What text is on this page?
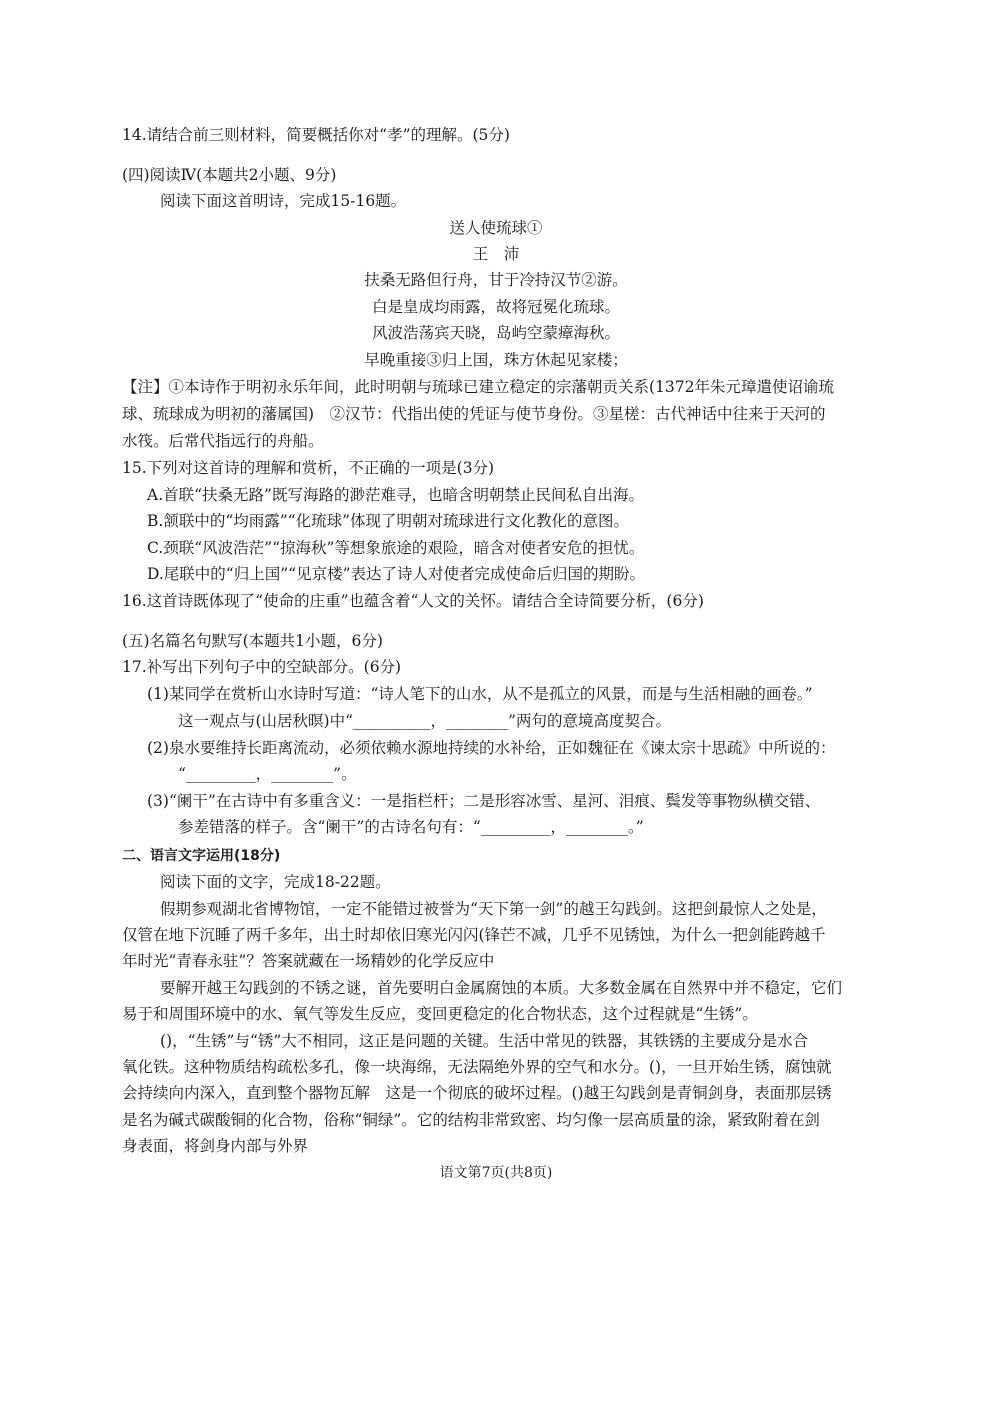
14.请结合前三则材料，简要概括你对“孝”的理解。(5分)
(四)阅读Ⅳ(本题共2小题、9分)
阅读下面这首明诗，完成15-16题。
送人使琉球①
王　沛
扶桑无路但行舟，甘于冷持汉节②游。
白是皇成均雨露，故将冠冕化琉球。
风波浩荡宾天晓，岛屿空蒙瘴海秋。
早晚重接③归上国，珠方休起见家楼；
【注】①本诗作于明初永乐年间，此时明朝与琉球已建立稳定的宗藩朝贡关系(1372年朱元璋遣使诏谕琉
球、琉球成为明初的藩属国)　②汉节：代指出使的凭证与使节身份。③星槎：古代神话中往来于天河的
水筏。后常代指远行的舟船。
15.下列对这首诗的理解和赏析，不正确的一项是(3分)
A.首联“扶桑无路”既写海路的渺茫难寻，也暗含明朝禁止民间私自出海。
B.颔联中的“均雨露”“化琉球”体现了明朝对琉球进行文化教化的意图。
C.颈联“风波浩茫”“掠海秋”等想象旅途的艰险，暗含对使者安危的担忧。
D.尾联中的“归上国”“见京楼”表达了诗人对使者完成使命后归国的期盼。
16.这首诗既体现了“使命的庄重”也蕴含着“人文的关怀。请结合全诗简要分析，(6分)
(五)名篇名句默写(本题共1小题，6分)
17.补写出下列句子中的空缺部分。(6分)
(1)某同学在赏析山水诗时写道：“诗人笔下的山水，从不是孤立的风景，而是与生活相融的画卷。”
这一观点与(山居秋暝)中“__________，________”两句的意境高度契合。
(2)泉水要维持长距离流动，必须依赖水源地持续的水补给，正如魏征在《谏太宗十思疏》中所说的：
“_________，________”。
(3)“阑干”在古诗中有多重含义：一是指栏杆；二是形容冰雪、星河、泪痕、鬓发等事物纵横交错、
参差错落的样子。含“阑干”的古诗名句有：“_________，________。”
二、语言文字运用(18分)
阅读下面的文字，完成18-22题。
假期参观湖北省博物馆，一定不能错过被誉为“天下第一剑”的越王勾践剑。这把剑最惊人之处是，
仅管在地下沉睡了两千多年，出土时却依旧寒光闪闪(锋芒不减，几乎不见锈蚀，为什么一把剑能跨越千
年时光“青春永驻”？答案就藏在一场精妙的化学反应中
要解开越王勾践剑的不锈之谜，首先要明白金属腐蚀的本质。大多数金属在自然界中并不稳定，它们
易于和周围环境中的水、氧气等发生反应，变回更稳定的化合物状态，这个过程就是“生锈”。
()，“生锈”与“锈”大不相同，这正是问题的关键。生活中常见的铁器，其铁锈的主要成分是水合
氧化铁。这种物质结构疏松多孔，像一块海绵，无法隔绝外界的空气和水分。()，一旦开始生锈，腐蚀就
会持续向内深入，直到整个器物瓦解　这是一个彻底的破坏过程。()越王勾践剑是青铜剑身，表面那层锈
是名为碱式碳酸铜的化合物，俗称“铜绿”。它的结构非常致密、均匀像一层高质量的涂，紧致附着在剑
身表面，将剑身内部与外界
语文第7页(共8页)
